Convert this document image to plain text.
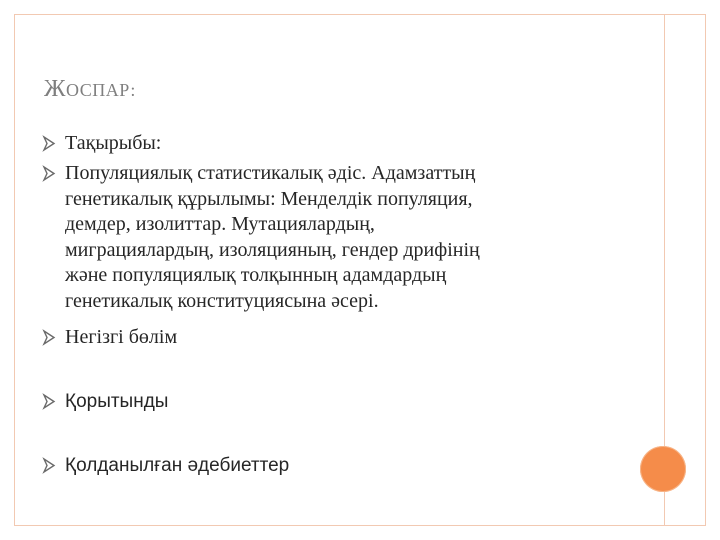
ЖОСПАР:
Тақырыбы:
Популяциялық статистикалық әдіс. Адамзаттың
генетикалық құрылымы: Менделдік популяция,
демдер, изолиттар. Мутациялардың,
миграциялардың, изоляцияның, гендер дрифінің
және популяциялық толқынның адамдардың
генетикалық конституциясына әсері.
Негізгі бөлім
Қорытынды
Қолданылған әдебиеттер
